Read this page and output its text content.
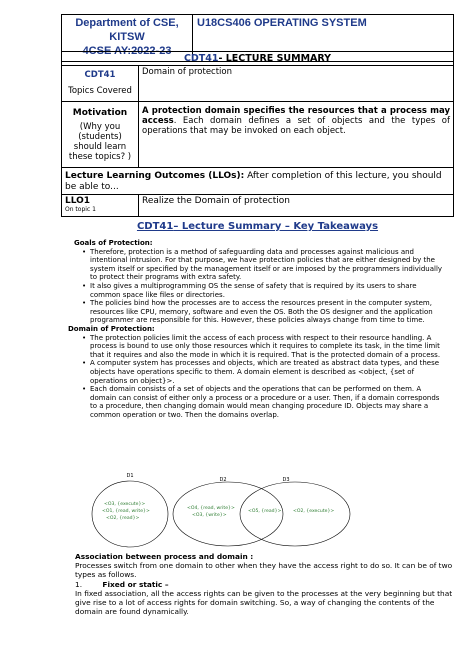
Department of CSE,
KITSW
4CSE AY:2022-23
	U18CS406 OPERATING SYSTEM
CDT41- LECTURE SUMMARY	

CDT41
Topics Covered	Domain of protection

Motivation
(Why you (students) should learn these topics? )	A protection domain specifies the resources that a process may access. Each domain defines a set of objects and the types of operations that may be invoked on each object.
Lecture Learning Outcomes (LLOs): After completion of this lecture, you should be able to...	

LLO1
On topic 1	Realize the Domain of protection
CDT41– Lecture Summary – Key Takeaways

Goals of Protection:

• Therefore, protection is a method of safeguarding data and processes against malicious and intentional intrusion. For that purpose, we have protection policies that are either designed by the system itself or specified by the management itself or are imposed by the programmers individually to protect their programs with extra safety.

• It also gives a multiprogramming OS the sense of safety that is required by its users to share common space like files or directories.

• The policies bind how the processes are to access the resources present in the computer system, resources like CPU, memory, software and even the OS. Both the OS designer and the application programmer are responsible for this. However, these policies always change from time to time.

Domain of Protection:

• The protection policies limit the access of each process with respect to their resource handling. A process is bound to use only those resources which it requires to complete its task, in the time limit that it requires and also the mode in which it is required. That is the protected domain of a process.

• A computer system has processes and objects, which are treated as abstract data types, and these objects have operations specific to them. A domain element is described as <object, {set of operations on object}>.

• Each domain consists of a set of objects and the operations that can be performed on them. A domain can consist of either only a process or a procedure or a user. Then, if a domain corresponds to a procedure, then changing domain would mean changing procedure ID. Objects may share a common operation or two. Then the domains overlap.

D1
D2	D3
<O3, {execute}>
<O1, {read, write}>
<O2, {read}>
<O4, {read, write}>
<O3, {write}>
<O5, {read}>	<O2, {execute}>

Association between process and domain :

Processes switch from one domain to other when they have the access right to do so. It can be of two types as follows.

1.	Fixed or static –

In fixed association, all the access rights can be given to the processes at the very beginning but that give rise to a lot of access rights for domain switching. So, a way of changing the contents of the domain are found dynamically.
